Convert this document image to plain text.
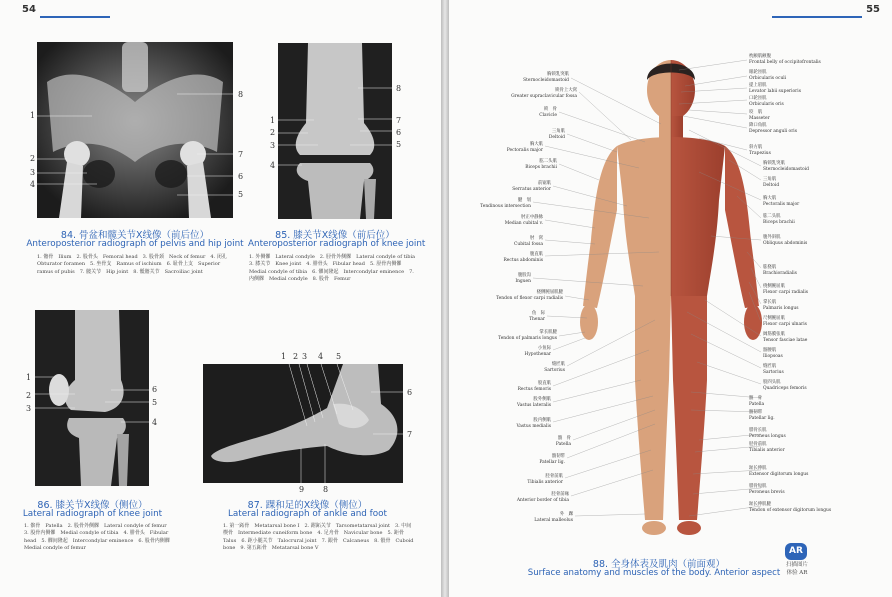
54
1
2
3
4
5
6
7
8
84. 骨盆和髋关节X线像（前后位）
Anteroposterior radiograph of pelvis and hip joint
1. 髂骨　Ilium　2. 股骨头　Femoral head　3. 股骨颈　Neck of femur　4. 闭孔　Obturator foramen　5. 坐骨支　Ramus of ischium　6. 耻骨上支　Superior ramus of pubis　7. 髋关节　Hip joint　8. 骶髂关节　Sacroiliac joint
1
2
3
4
5
6
7
8
85. 膝关节X线像（前后位）
Anteroposterior radiograph of knee joint
1. 外侧髁　Lateral condyle　2. 胫骨外侧髁　Lateral condyle of tibia　3. 膝关节　Knee joint　4. 腓骨头　Fibular head　5. 胫骨内侧髁　Medial condyle of tibia　6. 髁间隆起　Intercondylar eminence　7. 内侧髁　Medial condyle　8. 股骨　Femur
1
2
3
4
5
6
86. 膝关节X线像（侧位）
Lateral radiograph of knee joint
1. 髌骨　Patella　2. 股骨外侧髁　Lateral condyle of femur　3. 股骨内侧髁　Medial condyle of tibia　4. 腓骨头　Fibular head　5. 髁间隆起　Intercondylar eminence　6. 股骨内侧髁　Medial condyle of femur
1 2 3 4 5
6
7
8
9
87. 踝和足的X线像（侧位）
Lateral radiograph of ankle and foot
1. 第一跖骨　Metatarsal bone I　2. 跗跖关节　Tarsometatarsal joint　3. 中间楔骨　Intermediate cuneiform bone　4. 足舟骨　Navicular bone　5. 距骨　Talus　6. 距小腿关节　Talocrural joint　7. 跟骨　Calcaneus　8. 骰骨　Cuboid bone　9. 第五跖骨　Metatarsal bone V
55
胸锁乳突肌
Sternocleidomastoid
锁骨上大窝
Greater supraclavicular fossa
锁　骨
Clavicle
三角肌
Deltoid
胸大肌
Pectoralis major
肱二头肌
Biceps brachii
前锯肌
Serratus anterior
腱　划
Tendinous intersection
肘正中静脉
Median cubital v.
肘　窝
Cubital fossa
腹直肌
Rectus abdominis
腹股沟
Inguen
桡侧腕屈肌腱
Tendon of flexor carpi radialis
鱼　际
Thenar
掌长肌腱
Tendon of palmaris longus
小鱼际
Hypothenar
缝匠肌
Sartorius
股直肌
Rectus femoris
股外侧肌
Vastus lateralis
股内侧肌
Vastus medialis
髌　骨
Patella
髌韧带
Patellar lig.
胫骨前肌
Tibialis anterior
胫骨前缘
Anterior border of tibia
外　踝
Lateral malleolus
枕额肌额腹
Frontal belly of occipitofrontalis
眼轮匝肌
Orbicularis oculi
提上唇肌
Levator labii superioris
口轮匝肌
Orbicularis oris
咬　肌
Masseter
降口角肌
Depressor anguli oris
斜方肌
Trapezius
胸锁乳突肌
Sternocleidomastoid
三角肌
Deltoid
胸大肌
Pectoralis major
肱二头肌
Biceps brachii
腹外斜肌
Obliquus abdominis
肱桡肌
Brachioradialis
桡侧腕屈肌
Flexor carpi radialis
掌长肌
Palmaris longus
尺侧腕屈肌
Flexor carpi ulnaris
阔筋膜张肌
Tensor fasciae latae
髂腰肌
Iliopsoas
缝匠肌
Sartorius
股四头肌
Quadriceps femoris
髌　骨
Patella
髌韧带
Patellar lig.
腓骨长肌
Peroneus longus
胫骨前肌
Tibialis anterior
趾长伸肌
Extensor digitorum longus
腓骨短肌
Peroneus brevis
趾长伸肌腱
Tendon of extensor digitorum longus
88. 全身体表及肌肉（前面观）
Surface anatomy and muscles of the body. Anterior aspect
AR
扫描图片
体验 AR
